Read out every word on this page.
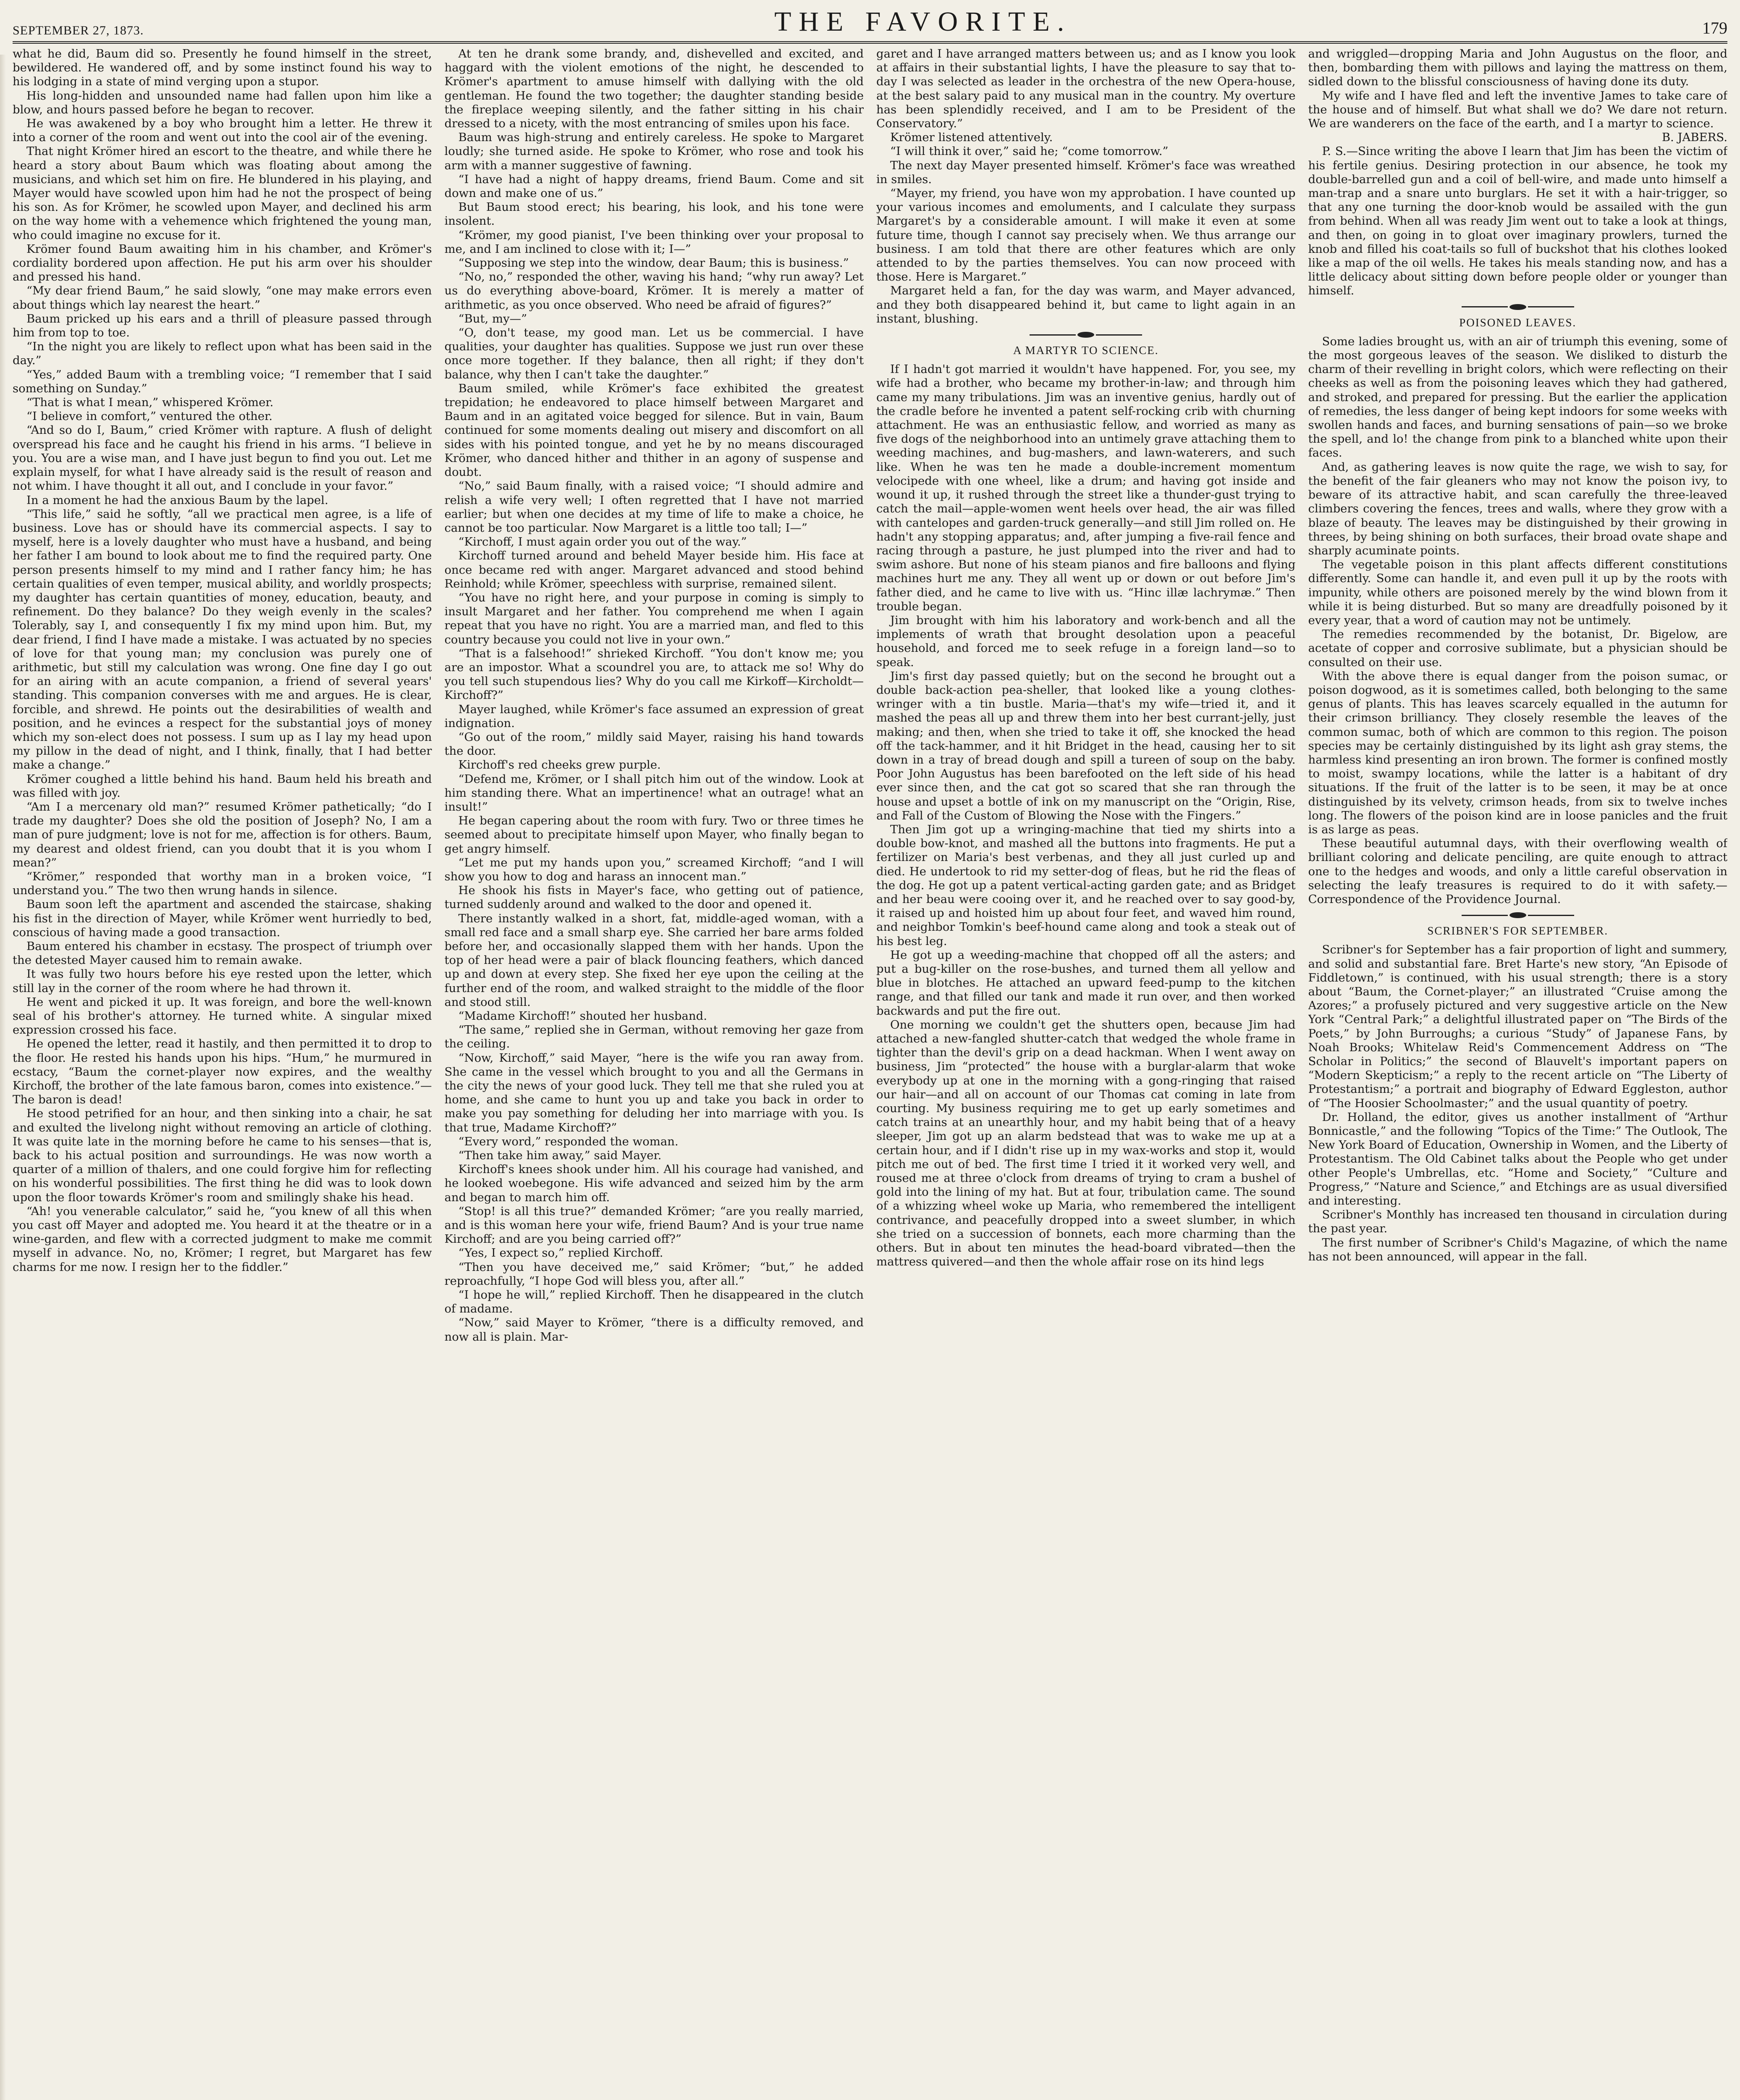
SEPTEMBER 27, 1873.	THE FAVORITE.	179

what he did, Baum did so. Presently he found himself in the street, bewildered. He wandered off, and by some instinct found his way to his lodging in a state of mind verging upon a stupor.

His long-hidden and unsounded name had fallen upon him like a blow, and hours passed before he began to recover.

He was awakened by a boy who brought him a letter. He threw it into a corner of the room and went out into the cool air of the evening.

That night Krömer hired an escort to the theatre, and while there he heard a story about Baum which was floating about among the musicians, and which set him on fire. He blundered in his playing, and Mayer would have scowled upon him had he not the prospect of being his son. As for Krömer, he scowled upon Mayer, and declined his arm on the way home with a vehemence which frightened the young man, who could imagine no excuse for it.

Krömer found Baum awaiting him in his chamber, and Krömer's cordiality bordered upon affection. He put his arm over his shoulder and pressed his hand.

“My dear friend Baum,” he said slowly, “one may make errors even about things which lay nearest the heart.”

Baum pricked up his ears and a thrill of pleasure passed through him from top to toe.

“In the night you are likely to reflect upon what has been said in the day.”

“Yes,” added Baum with a trembling voice; “I remember that I said something on Sunday.”

“That is what I mean,” whispered Krömer.

“I believe in comfort,” ventured the other.

“And so do I, Baum,” cried Krömer with rapture. A flush of delight overspread his face and he caught his friend in his arms. “I believe in you. You are a wise man, and I have just begun to find you out. Let me explain myself, for what I have already said is the result of reason and not whim. I have thought it all out, and I conclude in your favor.”

In a moment he had the anxious Baum by the lapel.

“This life,” said he softly, “all we practical men agree, is a life of business. Love has or should have its commercial aspects. I say to myself, here is a lovely daughter who must have a husband, and being her father I am bound to look about me to find the required party. One person presents himself to my mind and I rather fancy him; he has certain qualities of even temper, musical ability, and worldly prospects; my daughter has certain quantities of money, education, beauty, and refinement. Do they balance? Do they weigh evenly in the scales? Tolerably, say I, and consequently I fix my mind upon him. But, my dear friend, I find I have made a mistake. I was actuated by no species of love for that young man; my conclusion was purely one of arithmetic, but still my calculation was wrong. One fine day I go out for an airing with an acute companion, a friend of several years' standing. This companion converses with me and argues. He is clear, forcible, and shrewd. He points out the desirabilities of wealth and position, and he evinces a respect for the substantial joys of money which my son-elect does not possess. I sum up as I lay my head upon my pillow in the dead of night, and I think, finally, that I had better make a change.”

Krömer coughed a little behind his hand. Baum held his breath and was filled with joy.

“Am I a mercenary old man?” resumed Krömer pathetically; “do I trade my daughter? Does she old the position of Joseph? No, I am a man of pure judgment; love is not for me, affection is for others. Baum, my dearest and oldest friend, can you doubt that it is you whom I mean?”

“Krömer,” responded that worthy man in a broken voice, “I understand you.” The two then wrung hands in silence.

Baum soon left the apartment and ascended the staircase, shaking his fist in the direction of Mayer, while Krömer went hurriedly to bed, conscious of having made a good transaction.

Baum entered his chamber in ecstasy. The prospect of triumph over the detested Mayer caused him to remain awake.

It was fully two hours before his eye rested upon the letter, which still lay in the corner of the room where he had thrown it.

He went and picked it up. It was foreign, and bore the well-known seal of his brother's attorney. He turned white. A singular mixed expression crossed his face.

He opened the letter, read it hastily, and then permitted it to drop to the floor. He rested his hands upon his hips. “Hum,” he murmured in ecstacy, “Baum the cornet-player now expires, and the wealthy Kirchoff, the brother of the late famous baron, comes into existence.”—The baron is dead!

He stood petrified for an hour, and then sinking into a chair, he sat and exulted the livelong night without removing an article of clothing. It was quite late in the morning before he came to his senses—that is, back to his actual position and surroundings. He was now worth a quarter of a million of thalers, and one could forgive him for reflecting on his wonderful possibilities. The first thing he did was to look down upon the floor towards Krömer's room and smilingly shake his head.

“Ah! you venerable calculator,” said he, “you knew of all this when you cast off Mayer and adopted me. You heard it at the theatre or in a wine-garden, and flew with a corrected judgment to make me commit myself in advance. No, no, Krömer; I regret, but Margaret has few charms for me now. I resign her to the fiddler.”

At ten he drank some brandy, and, dishevelled and excited, and haggard with the violent emotions of the night, he descended to Krömer's apartment to amuse himself with dallying with the old gentleman. He found the two together; the daughter standing beside the fireplace weeping silently, and the father sitting in his chair dressed to a nicety, with the most entrancing of smiles upon his face.

Baum was high-strung and entirely careless. He spoke to Margaret loudly; she turned aside. He spoke to Krömer, who rose and took his arm with a manner suggestive of fawning.

“I have had a night of happy dreams, friend Baum. Come and sit down and make one of us.”

But Baum stood erect; his bearing, his look, and his tone were insolent.

“Krömer, my good pianist, I've been thinking over your proposal to me, and I am inclined to close with it; I—”

“Supposing we step into the window, dear Baum; this is business.”

“No, no,” responded the other, waving his hand; “why run away? Let us do everything above-board, Krömer. It is merely a matter of arithmetic, as you once observed. Who need be afraid of figures?”

“But, my—”

“O, don't tease, my good man. Let us be commercial. I have qualities, your daughter has qualities. Suppose we just run over these once more together. If they balance, then all right; if they don't balance, why then I can't take the daughter.”

Baum smiled, while Krömer's face exhibited the greatest trepidation; he endeavored to place himself between Margaret and Baum and in an agitated voice begged for silence. But in vain, Baum continued for some moments dealing out misery and discomfort on all sides with his pointed tongue, and yet he by no means discouraged Krömer, who danced hither and thither in an agony of suspense and doubt.

“No,” said Baum finally, with a raised voice; “I should admire and relish a wife very well; I often regretted that I have not married earlier; but when one decides at my time of life to make a choice, he cannot be too particular. Now Margaret is a little too tall; I—”

“Kirchoff, I must again order you out of the way.”

Kirchoff turned around and beheld Mayer beside him. His face at once became red with anger. Margaret advanced and stood behind Reinhold; while Krömer, speechless with surprise, remained silent.

“You have no right here, and your purpose in coming is simply to insult Margaret and her father. You comprehend me when I again repeat that you have no right. You are a married man, and fled to this country because you could not live in your own.”

“That is a falsehood!” shrieked Kirchoff. “You don't know me; you are an impostor. What a scoundrel you are, to attack me so! Why do you tell such stupendous lies? Why do you call me Kirkoff—Kircholdt—Kirchoff?”

Mayer laughed, while Krömer's face assumed an expression of great indignation.

“Go out of the room,” mildly said Mayer, raising his hand towards the door.

Kirchoff's red cheeks grew purple.

“Defend me, Krömer, or I shall pitch him out of the window. Look at him standing there. What an impertinence! what an outrage! what an insult!”

He began capering about the room with fury. Two or three times he seemed about to precipitate himself upon Mayer, who finally began to get angry himself.

“Let me put my hands upon you,” screamed Kirchoff; “and I will show you how to dog and harass an innocent man.”

He shook his fists in Mayer's face, who getting out of patience, turned suddenly around and walked to the door and opened it.

There instantly walked in a short, fat, middle-aged woman, with a small red face and a small sharp eye. She carried her bare arms folded before her, and occasionally slapped them with her hands. Upon the top of her head were a pair of black flouncing feathers, which danced up and down at every step. She fixed her eye upon the ceiling at the further end of the room, and walked straight to the middle of the floor and stood still.

“Madame Kirchoff!” shouted her husband.

“The same,” replied she in German, without removing her gaze from the ceiling.

“Now, Kirchoff,” said Mayer, “here is the wife you ran away from. She came in the vessel which brought to you and all the Germans in the city the news of your good luck. They tell me that she ruled you at home, and she came to hunt you up and take you back in order to make you pay something for deluding her into marriage with you. Is that true, Madame Kirchoff?”

“Every word,” responded the woman.

“Then take him away,” said Mayer.

Kirchoff's knees shook under him. All his courage had vanished, and he looked woebegone. His wife advanced and seized him by the arm and began to march him off.

“Stop! is all this true?” demanded Krömer; “are you really married, and is this woman here your wife, friend Baum? And is your true name Kirchoff; and are you being carried off?”

“Yes, I expect so,” replied Kirchoff.

“Then you have deceived me,” said Krömer; “but,” he added reproachfully, “I hope God will bless you, after all.”

“I hope he will,” replied Kirchoff. Then he disappeared in the clutch of madame.

“Now,” said Mayer to Krömer, “there is a difficulty removed, and now all is plain. Mar-

garet and I have arranged matters between us; and as I know you look at affairs in their substantial lights, I have the pleasure to say that to-day I was selected as leader in the orchestra of the new Opera-house, at the best salary paid to any musical man in the country. My overture has been splendidly received, and I am to be President of the Conservatory.”

Krömer listened attentively.

“I will think it over,” said he; “come tomorrow.”

The next day Mayer presented himself. Krömer's face was wreathed in smiles.

“Mayer, my friend, you have won my approbation. I have counted up your various incomes and emoluments, and I calculate they surpass Margaret's by a considerable amount. I will make it even at some future time, though I cannot say precisely when. We thus arrange our business. I am told that there are other features which are only attended to by the parties themselves. You can now proceed with those. Here is Margaret.”

Margaret held a fan, for the day was warm, and Mayer advanced, and they both disappeared behind it, but came to light again in an instant, blushing.

A MARTYR TO SCIENCE.

If I hadn't got married it wouldn't have happened. For, you see, my wife had a brother, who became my brother-in-law; and through him came my many tribulations. Jim was an inventive genius, hardly out of the cradle before he invented a patent self-rocking crib with churning attachment. He was an enthusiastic fellow, and worried as many as five dogs of the neighborhood into an untimely grave attaching them to weeding machines, and bug-mashers, and lawn-waterers, and such like. When he was ten he made a double-increment momentum velocipede with one wheel, like a drum; and having got inside and wound it up, it rushed through the street like a thunder-gust trying to catch the mail—apple-women went heels over head, the air was filled with cantelopes and garden-truck generally—and still Jim rolled on. He hadn't any stopping apparatus; and, after jumping a five-rail fence and racing through a pasture, he just plumped into the river and had to swim ashore. But none of his steam pianos and fire balloons and flying machines hurt me any. They all went up or down or out before Jim's father died, and he came to live with us. “Hinc illæ lachrymæ.” Then trouble began.

Jim brought with him his laboratory and work-bench and all the implements of wrath that brought desolation upon a peaceful household, and forced me to seek refuge in a foreign land—so to speak.

Jim's first day passed quietly; but on the second he brought out a double back-action pea-sheller, that looked like a young clothes-wringer with a tin bustle. Maria—that's my wife—tried it, and it mashed the peas all up and threw them into her best currant-jelly, just making; and then, when she tried to take it off, she knocked the head off the tack-hammer, and it hit Bridget in the head, causing her to sit down in a tray of bread dough and spill a tureen of soup on the baby. Poor John Augustus has been barefooted on the left side of his head ever since then, and the cat got so scared that she ran through the house and upset a bottle of ink on my manuscript on the “Origin, Rise, and Fall of the Custom of Blowing the Nose with the Fingers.”

Then Jim got up a wringing-machine that tied my shirts into a double bow-knot, and mashed all the buttons into fragments. He put a fertilizer on Maria's best verbenas, and they all just curled up and died. He undertook to rid my setter-dog of fleas, but he rid the fleas of the dog. He got up a patent vertical-acting garden gate; and as Bridget and her beau were cooing over it, and he reached over to say good-by, it raised up and hoisted him up about four feet, and waved him round, and neighbor Tomkin's beef-hound came along and took a steak out of his best leg.

He got up a weeding-machine that chopped off all the asters; and put a bug-killer on the rose-bushes, and turned them all yellow and blue in blotches. He attached an upward feed-pump to the kitchen range, and that filled our tank and made it run over, and then worked backwards and put the fire out.

One morning we couldn't get the shutters open, because Jim had attached a new-fangled shutter-catch that wedged the whole frame in tighter than the devil's grip on a dead hackman. When I went away on business, Jim “protected” the house with a burglar-alarm that woke everybody up at one in the morning with a gong-ringing that raised our hair—and all on account of our Thomas cat coming in late from courting. My business requiring me to get up early sometimes and catch trains at an unearthly hour, and my habit being that of a heavy sleeper, Jim got up an alarm bedstead that was to wake me up at a certain hour, and if I didn't rise up in my wax-works and stop it, would pitch me out of bed. The first time I tried it it worked very well, and roused me at three o'clock from dreams of trying to cram a bushel of gold into the lining of my hat. But at four, tribulation came. The sound of a whizzing wheel woke up Maria, who remembered the intelligent contrivance, and peacefully dropped into a sweet slumber, in which she tried on a succession of bonnets, each more charming than the others. But in about ten minutes the head-board vibrated—then the mattress quivered—and then the whole affair rose on its hind legs

and wriggled—dropping Maria and John Augustus on the floor, and then, bombarding them with pillows and laying the mattress on them, sidled down to the blissful consciousness of having done its duty.

My wife and I have fled and left the inventive James to take care of the house and of himself. But what shall we do? We dare not return. We are wanderers on the face of the earth, and I a martyr to science.

B. JABERS.

P. S.—Since writing the above I learn that Jim has been the victim of his fertile genius. Desiring protection in our absence, he took my double-barrelled gun and a coil of bell-wire, and made unto himself a man-trap and a snare unto burglars. He set it with a hair-trigger, so that any one turning the door-knob would be assailed with the gun from behind. When all was ready Jim went out to take a look at things, and then, on going in to gloat over imaginary prowlers, turned the knob and filled his coat-tails so full of buckshot that his clothes looked like a map of the oil wells. He takes his meals standing now, and has a little delicacy about sitting down before people older or younger than himself.

POISONED LEAVES.

Some ladies brought us, with an air of triumph this evening, some of the most gorgeous leaves of the season. We disliked to disturb the charm of their revelling in bright colors, which were reflecting on their cheeks as well as from the poisoning leaves which they had gathered, and stroked, and prepared for pressing. But the earlier the application of remedies, the less danger of being kept indoors for some weeks with swollen hands and faces, and burning sensations of pain—so we broke the spell, and lo! the change from pink to a blanched white upon their faces.

And, as gathering leaves is now quite the rage, we wish to say, for the benefit of the fair gleaners who may not know the poison ivy, to beware of its attractive habit, and scan carefully the three-leaved climbers covering the fences, trees and walls, where they grow with a blaze of beauty. The leaves may be distinguished by their growing in threes, by being shining on both surfaces, their broad ovate shape and sharply acuminate points.

The vegetable poison in this plant affects different constitutions differently. Some can handle it, and even pull it up by the roots with impunity, while others are poisoned merely by the wind blown from it while it is being disturbed. But so many are dreadfully poisoned by it every year, that a word of caution may not be untimely.

The remedies recommended by the botanist, Dr. Bigelow, are acetate of copper and corrosive sublimate, but a physician should be consulted on their use.

With the above there is equal danger from the poison sumac, or poison dogwood, as it is sometimes called, both belonging to the same genus of plants. This has leaves scarcely equalled in the autumn for their crimson brilliancy. They closely resemble the leaves of the common sumac, both of which are common to this region. The poison species may be certainly distinguished by its light ash gray stems, the harmless kind presenting an iron brown. The former is confined mostly to moist, swampy locations, while the latter is a habitant of dry situations. If the fruit of the latter is to be seen, it may be at once distinguished by its velvety, crimson heads, from six to twelve inches long. The flowers of the poison kind are in loose panicles and the fruit is as large as peas.

These beautiful autumnal days, with their overflowing wealth of brilliant coloring and delicate penciling, are quite enough to attract one to the hedges and woods, and only a little careful observation in selecting the leafy treasures is required to do it with safety.—Correspondence of the Providence Journal.

SCRIBNER'S FOR SEPTEMBER.

Scribner's for September has a fair proportion of light and summery, and solid and substantial fare. Bret Harte's new story, “An Episode of Fiddletown,” is continued, with his usual strength; there is a story about “Baum, the Cornet-player;” an illustrated “Cruise among the Azores;” a profusely pictured and very suggestive article on the New York “Central Park;” a delightful illustrated paper on “The Birds of the Poets,” by John Burroughs; a curious “Study” of Japanese Fans, by Noah Brooks; Whitelaw Reid's Commencement Address on “The Scholar in Politics;” the second of Blauvelt's important papers on “Modern Skepticism;” a reply to the recent article on “The Liberty of Protestantism;” a portrait and biography of Edward Eggleston, author of “The Hoosier Schoolmaster;” and the usual quantity of poetry.

Dr. Holland, the editor, gives us another installment of “Arthur Bonnicastle,” and the following “Topics of the Time:” The Outlook, The New York Board of Education, Ownership in Women, and the Liberty of Protestantism. The Old Cabinet talks about the People who get under other People's Umbrellas, etc. “Home and Society,” “Culture and Progress,” “Nature and Science,” and Etchings are as usual diversified and interesting.

Scribner's Monthly has increased ten thousand in circulation during the past year.

The first number of Scribner's Child's Magazine, of which the name has not been announced, will appear in the fall.
